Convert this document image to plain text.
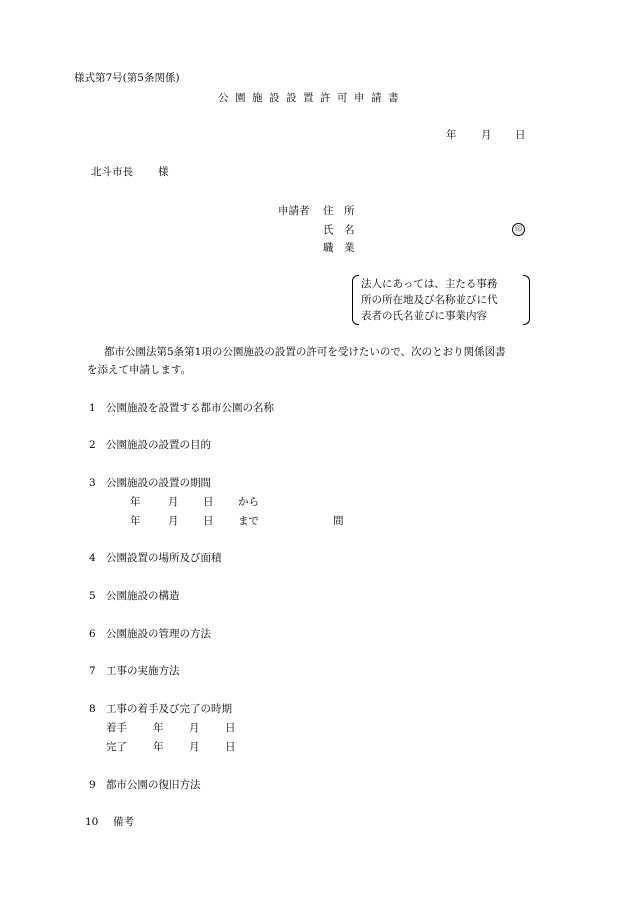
様式第7号(第5条関係)
公園施設設置許可申請書
年 月 日
北斗市長 様
申請者 住　所
氏　名	印
職　業
法人にあっては、主たる事務
所の所在地及び名称並びに代
表者の氏名並びに事業内容
都市公園法第5条第1項の公園施設の設置の許可を受けたいので、次のとおり関係図書
を添えて申請します。
1 公園施設を設置する都市公園の名称
2 公園施設の設置の目的
3 公園施設の設置の期間
年	月 日 から
年	月 日 まで	間
4 公園設置の場所及び面積
5 公園施設の構造
6 公園施設の管理の方法
7 工事の実施方法
8 工事の着手及び完了の時期
着手 年 月 日
完了 年 月 日
9 都市公園の復旧方法
10 備考
